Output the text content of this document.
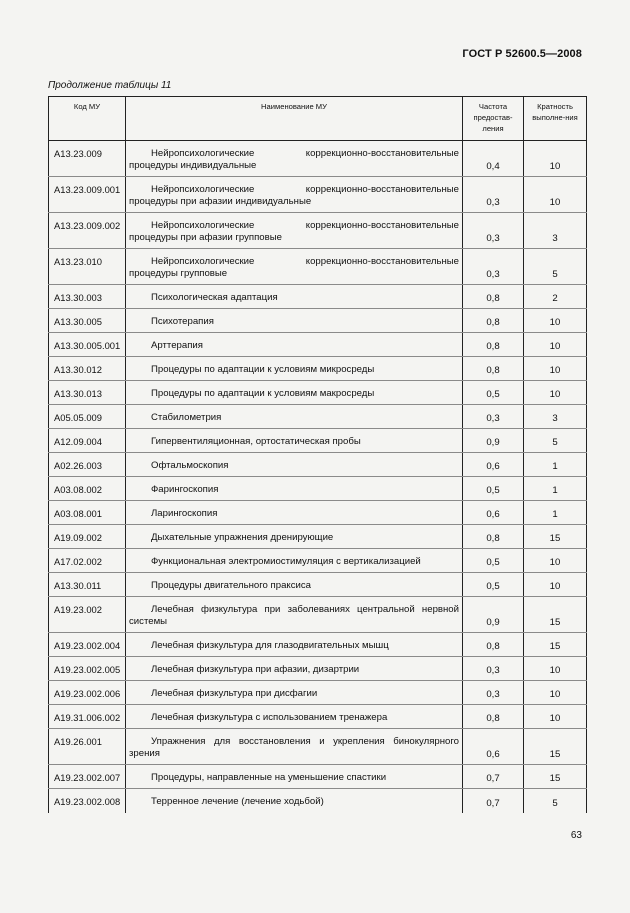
ГОСТ Р 52600.5—2008
Продолжение таблицы 11
Код МУ	Наименование МУ	Частота предостав-ления	Кратность выполне-ния
A13.23.009	Нейропсихологические коррекционно-восстановительные процедуры индивидуальные	0,4	10
A13.23.009.001	Нейропсихологические коррекционно-восстановительные процедуры при афазии индивидуальные	0,3	10
A13.23.009.002	Нейропсихологические коррекционно-восстановительные процедуры при афазии групповые	0,3	3
A13.23.010	Нейропсихологические коррекционно-восстановительные процедуры групповые	0,3	5
A13.30.003	Психологическая адаптация	0,8	2
A13.30.005	Психотерапия	0,8	10
A13.30.005.001	Арттерапия	0,8	10
A13.30.012	Процедуры по адаптации к условиям микросреды	0,8	10
A13.30.013	Процедуры по адаптации к условиям макросреды	0,5	10
A05.05.009	Стабилометрия	0,3	3
A12.09.004	Гипервентиляционная, ортостатическая пробы	0,9	5
A02.26.003	Офтальмоскопия	0,6	1
A03.08.002	Фарингоскопия	0,5	1
A03.08.001	Ларингоскопия	0,6	1
A19.09.002	Дыхательные упражнения дренирующие	0,8	15
A17.02.002	Функциональная электромиостимуляция с вертикализацией	0,5	10
A13.30.011	Процедуры двигательного праксиса	0,5	10
A19.23.002	Лечебная физкультура при заболеваниях центральной нервной системы	0,9	15
A19.23.002.004	Лечебная физкультура для глазодвигательных мышц	0,8	15
A19.23.002.005	Лечебная физкультура при афазии, дизартрии	0,3	10
A19.23.002.006	Лечебная физкультура при дисфагии	0,3	10
A19.31.006.002	Лечебная физкультура с использованием тренажера	0,8	10
A19.26.001	Упражнения для восстановления и укрепления бинокулярного зрения	0,6	15
A19.23.002.007	Процедуры, направленные на уменьшение спастики	0,7	15
A19.23.002.008	Терренное лечение (лечение ходьбой)	0,7	5
63
